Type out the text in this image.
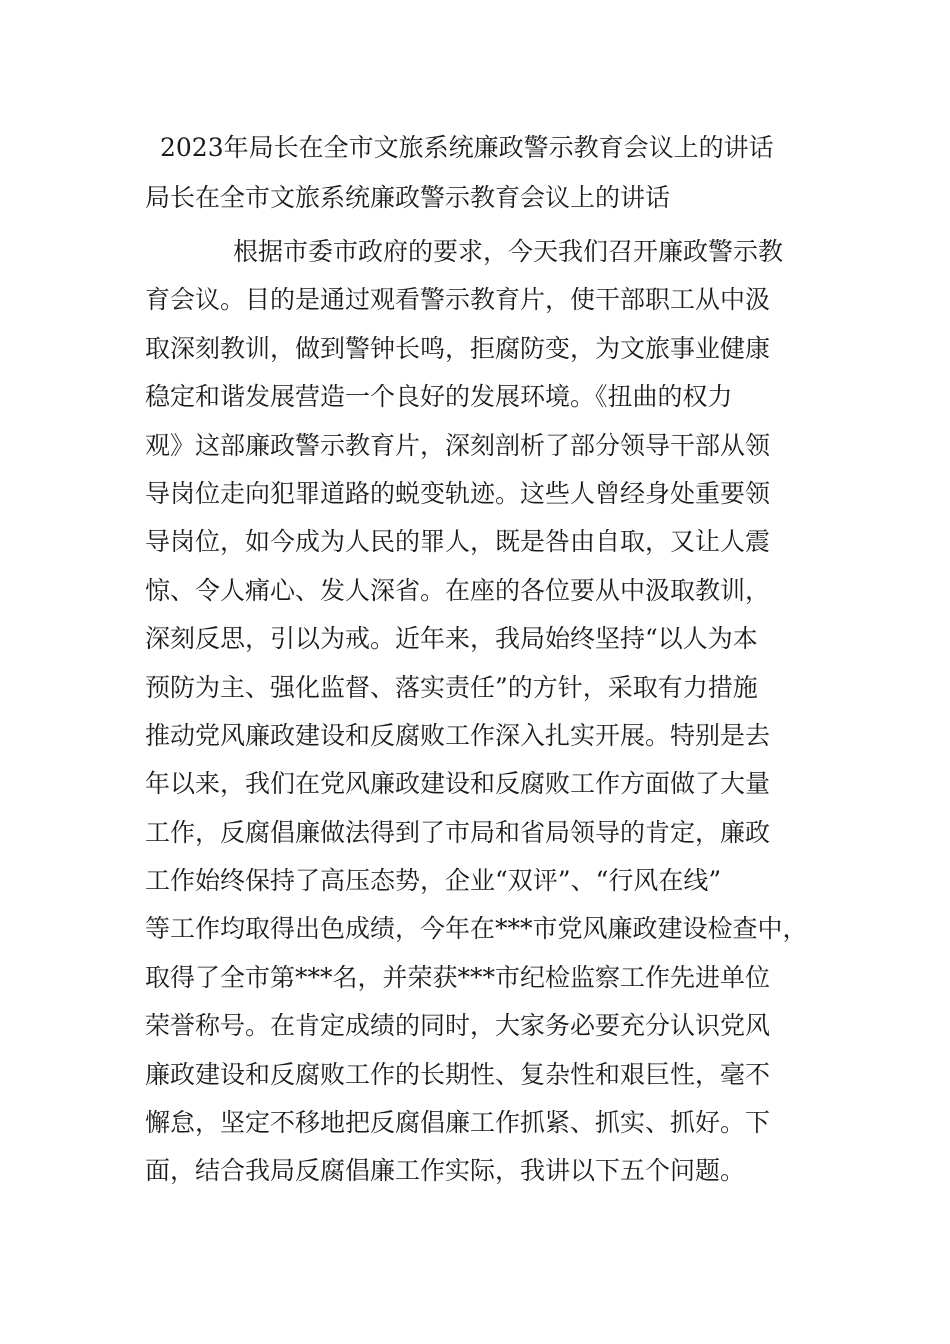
2023年局长在全市文旅系统廉政警示教育会议上的讲话
局长在全市文旅系统廉政警示教育会议上的讲话
根据市委市政府的要求，今天我们召开廉政警示教
育会议。目的是通过观看警示教育片，使干部职工从中汲
取深刻教训，做到警钟长鸣，拒腐防变，为文旅事业健康
稳定和谐发展营造一个良好的发展环境。《扭曲的权力
观》这部廉政警示教育片，深刻剖析了部分领导干部从领
导岗位走向犯罪道路的蜕变轨迹。这些人曾经身处重要领
导岗位，如今成为人民的罪人，既是咎由自取，又让人震
惊、令人痛心、发人深省。在座的各位要从中汲取教训，
深刻反思，引以为戒。近年来，我局始终坚持“以人为本
预防为主、强化监督、落实责任”的方针，采取有力措施
推动党风廉政建设和反腐败工作深入扎实开展。特别是去
年以来，我们在党风廉政建设和反腐败工作方面做了大量
工作，反腐倡廉做法得到了市局和省局领导的肯定，廉政
工作始终保持了高压态势，企业“双评”、“行风在线”
等工作均取得出色成绩，今年在***市党风廉政建设检查中，
取得了全市第***名，并荣获***市纪检监察工作先进单位
荣誉称号。在肯定成绩的同时，大家务必要充分认识党风
廉政建设和反腐败工作的长期性、复杂性和艰巨性，毫不
懈怠，坚定不移地把反腐倡廉工作抓紧、抓实、抓好。下
面，结合我局反腐倡廉工作实际，我讲以下五个问题。
